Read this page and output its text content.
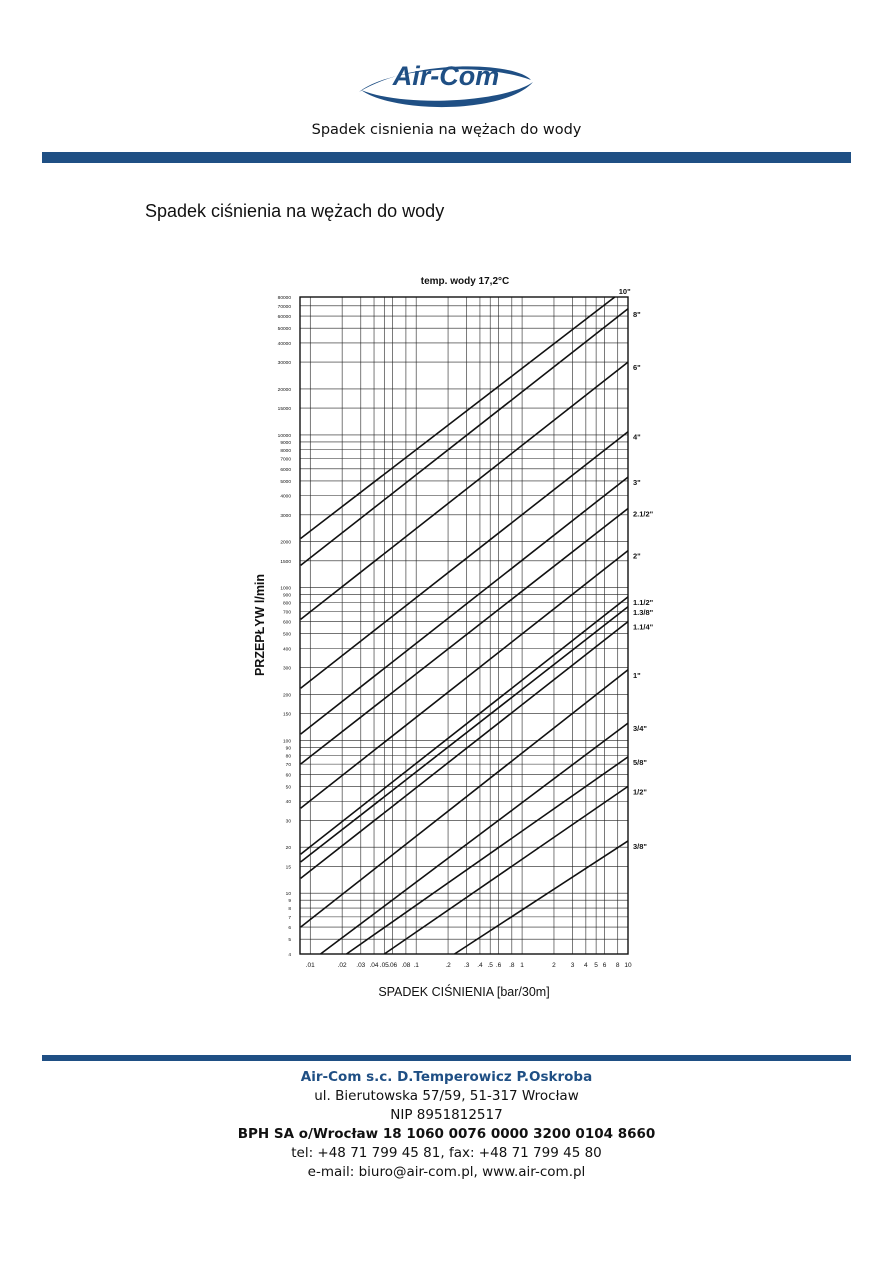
Air-Com
Spadek cisnienia na wężach do wody
Spadek ciśnienia na wężach do wody
temp. wody 17,2°C
.01	.02 .03 .04 .05 .06 .08 .1	.2 .3 .4 .5 .6 .8 1	2 3 4 5 6 8 10
4
5
6
7
8
9
10
15
20
30
40
50
60
70
80
90
100
150
200
300
400
500
600
700
800
900
1000
1500
2000
3000
4000
5000
6000
7000
8000
9000
10000
15000
20000
30000
40000
50000
60000
70000
80000
10"
8"
6"
4"
3"
2.1/2"
2"
1.1/2"
1.3/8"
1.1/4"
1"
3/4"
5/8"
1/2"
3/8"
SPADEK CIŚNIENIA [bar/30m]
PRZEPŁYW l/min
Air-Com s.c. D.Temperowicz P.Oskroba
ul. Bierutowska 57/59, 51-317 Wrocław
NIP 8951812517
BPH SA o/Wrocław 18 1060 0076 0000 3200 0104 8660
tel: +48 71 799 45 81, fax: +48 71 799 45 80
e-mail: biuro@air-com.pl, www.air-com.pl
